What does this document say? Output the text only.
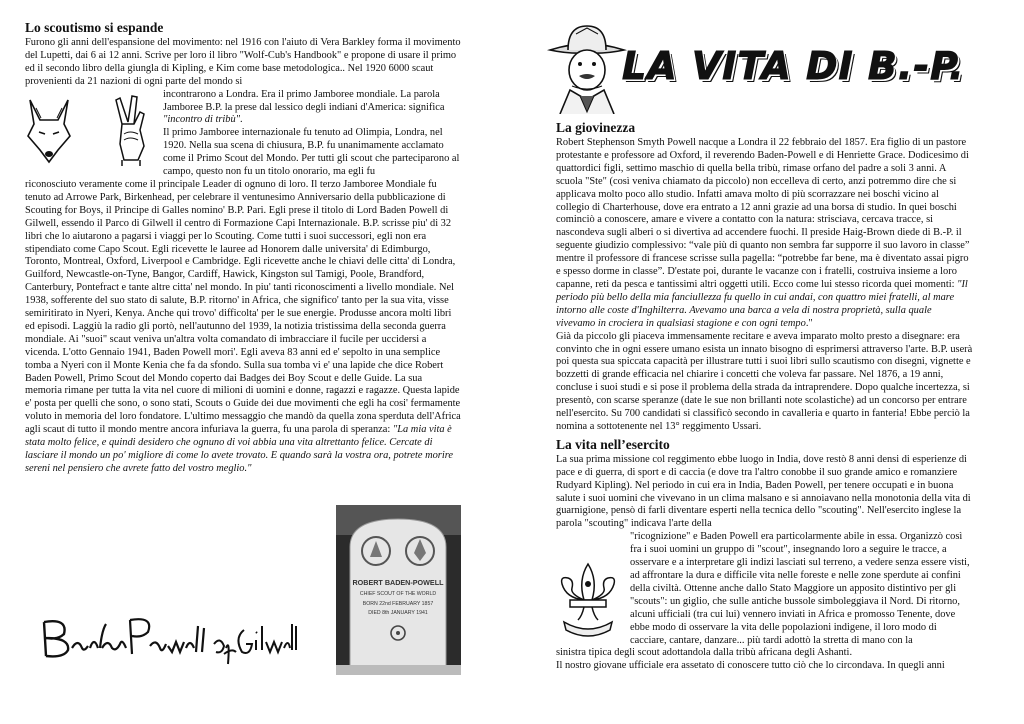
Lo scoutismo si espande

Furono gli anni dell'espansione del movimento: nel 1916 con l'aiuto di Vera Barkley forma il movimento del Lupetti, dai 6 ai 12 anni. Scrive per loro il libro "Wolf-Cub's Handbook" e propone di usare il primo ed il secondo libro della giungla di Kipling, e Kim come base metodologica.. Nel 1920 6000 scaut provenienti da 21 nazioni di ogni parte del mondo si

incontrarono a Londra. Era il primo Jamboree mondiale. La parola Jamboree B.P. la prese dal lessico degli indiani d'America: significa "incontro di tribù".

Il primo Jamboree internazionale fu tenuto ad Olimpia, Londra, nel 1920. Nella sua scena di chiusura, B.P. fu unanimamente acclamato come il Primo Scout del Mondo. Per tutti gli scout che parteciparono al campo, questo non fu un titolo onorario, ma egli fu

riconosciuto veramente come il principale Leader di ognuno di loro. Il terzo Jamboree Mondiale fu tenuto ad Arrowe Park, Birkenhead, per celebrare il ventunesimo Anniversario della pubblicazione di Scouting for Boys, il Principe di Galles nomino' B.P. Pari. Egli prese il titolo di Lord Baden Powell di Gilwell, essendo il Parco di Gilwell il centro di Formazione Capi Internazionale. B.P. scrisse piu' di 32 libri che lo aiutarono a pagarsi i viaggi per lo Scouting. Come tutti i suoi successori, egli non era stipendiato come Capo Scout. Egli ricevette le lauree ad Honorem dalle universita' di Edimburgo, Toronto, Montreal, Oxford, Liverpool e Cambridge. Egli ricevette anche le chiavi delle citta' di Londra, Guilford, Newcastle-on-Tyne, Bangor, Cardiff, Hawick, Kingston sul Tamigi, Poole, Brandford, Canterbury, Pontefract e tante altre citta' nel mondo. In piu' tanti riconoscimenti a livello mondiale. Nel 1938, sofferente del suo stato di salute, B.P. ritorno' in Africa, che significo' tanto per la sua vita, visse semiritirato in Nyeri, Kenya. Anche qui trovo' difficolta' per le sue energie. Produsse ancora molti libri ed episodi. Laggiù la radio gli portò, nell'autunno del 1939, la notizia tristissima della seconda guerra mondiale. Ai "suoi" scaut veniva un'altra volta comandato di imbracciare il fucile per uccidersi a vicenda. L'otto Gennaio 1941, Baden Powell mori'. Egli aveva 83 anni ed e' sepolto in una semplice tomba a Nyeri con il Monte Kenia che fa da sfondo. Sulla sua tomba vi e' una lapide che dice Robert Baden Powell, Primo Scout del Mondo coperto dai Badges dei Boy Scout e delle Guide. La sua memoria rimane per tutta la vita nel cuore di milioni di uomini e donne, ragazzi e ragazze. Questa lapide e' posta per quelli che sono, o sono stati, Scouts o Guide dei due movimenti che egli ha cosi' fermamente voluto in memoria del loro fondatore. L'ultimo messaggio che mandò da quella zona sperduta dell'Africa agli scaut di tutto il mondo mentre ancora infuriava la guerra, fu una parola di speranza: "La mia vita è stata molto felice, e quindi desidero che ognuno di voi abbia una vita altrettanto felice. Cercate di lasciare il mondo un po' migliore di come lo avete trovato. E quando sarà la vostra ora, potrete morire sereni nel pensiero che avrete fatto del vostro meglio."

ROBERT BADEN-POWELL
CHIEF SCOUT OF THE WORLD
BORN 22nd FEBRUARY 1857
DIED 8th JANUARY 1941
LA VITA DI B.-P.
La giovinezza

Robert Stephenson Smyth Powell nacque a Londra il 22 febbraio del 1857. Era figlio di un pastore protestante e professore ad Oxford, il reverendo Baden-Powell e di Henriette Grace. Dodicesimo di quattordici figli, settimo maschio di quella bella tribù, rimase orfano del padre a soli 3 anni. A scuola "Ste" (così veniva chiamato da piccolo) non eccelleva di certo, anzi potremmo dire che si applicava molto poco allo studio. Infatti amava molto di più scorrazzare nei boschi vicino al collegio di Charterhouse, dove era entrato a 12 anni grazie ad una borsa di studio. In quei boschi cominciò a conoscere, amare e vivere a contatto con la natura: strisciava, cercava tracce, si nascondeva sugli alberi o si divertiva ad accendere fuochi. Il preside Haig-Brown diede di B.-P. il seguente giudizio complessivo: “vale più di quanto non sembra far supporre il suo lavoro in classe” mentre il professore di francese scrisse sulla pagella: “potrebbe far bene, ma è diventato assai pigro e spesso dorme in classe”. D'estate poi, durante le vacanze con i fratelli, costruiva insieme a loro capanne, reti da pesca e tantissimi altri oggetti utili. Ecco come lui stesso ricorda quei momenti: "Il periodo più bello della mia fanciullezza fu quello in cui andai, con quattro miei fratelli, al mare intorno alle coste d'Inghilterra. Avevamo una barca a vela di nostra proprietà, sulla quale vivevamo in crociera in qualsiasi stagione e con ogni tempo."

Già da piccolo gli piaceva immensamente recitare e aveva imparato molto presto a disegnare: era convinto che in ogni essere umano esista un innato bisogno di esprimersi attraverso l'arte. B.P. userà poi questa sua spiccata capacità per illustrare tutti i suoi libri sullo scautismo con disegni, vignette e bozzetti di grande efficacia nel chiarire i concetti che voleva far passare. Nel 1876, a 19 anni, concluse i suoi studi e si pose il problema della strada da intraprendere. Dopo qualche incertezza, si presentò, con scarse speranze (date le sue non brillanti note scolastiche) ad un concorso per entrare nell'esercito. Su 700 candidati si classificò secondo in cavalleria e quarto in fanteria! Ebbe perciò la nomina a sottotenente nel 13° reggimento Ussari.

La vita nell’esercito

La sua prima missione col reggimento ebbe luogo in India, dove restò 8 anni densi di esperienze di pace e di guerra, di sport e di caccia (e dove tra l'altro conobbe il suo grande amico e romanziere Rudyard Kipling). Nel periodo in cui era in India, Baden Powell, per tenere occupati e in buona salute i suoi uomini che vivevano in un clima malsano e si annoiavano nella monotonia della vita di guarnigione, pensò di farli diventare esperti nella tecnica dello "scouting". Nell'esercito inglese la parola "scouting" indicava l'arte della

"ricognizione" e Baden Powell era particolarmente abile in essa. Organizzò così fra i suoi uomini un gruppo di "scout", insegnando loro a seguire le tracce, a osservare e a interpretare gli indizi lasciati sul terreno, a vedere senza essere visti, ad affrontare la dura e difficile vita nelle foreste e nelle zone sperdute ai confini della civiltà. Ottenne anche dallo Stato Maggiore un apposito distintivo per gli "scouts": un giglio, che sulle antiche bussole simboleggiava il Nord. Di ritorno, alcuni ufficiali (tra cui lui) vennero inviati in Africa e promosso Tenente, dove ebbe modo di osservare la vita delle popolazioni indigene, il loro modo di cacciare, cantare, danzare... più tardi adottò la stretta di mano con la

sinistra tipica degli scout adottandola dalla tribù africana degli Ashanti.

Il nostro giovane ufficiale era assetato di conoscere tutto ciò che lo circondava. In quegli anni
